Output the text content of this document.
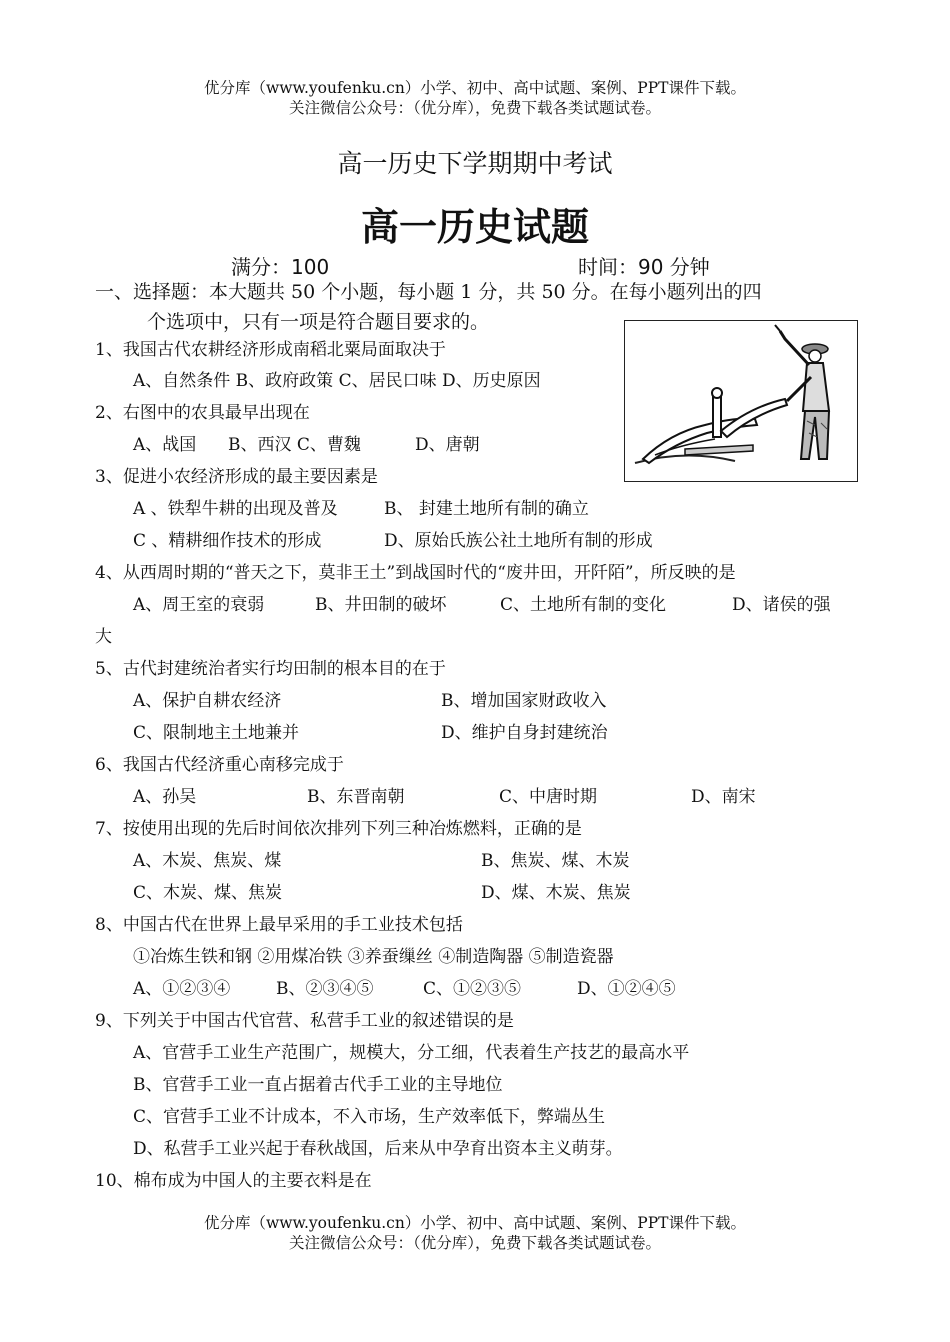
优分库（www.youfenku.cn）小学、初中、高中试题、案例、PPT课件下载。
关注微信公众号：（优分库），免费下载各类试题试卷。
高一历史下学期期中考试
高一历史试题
满分：100	时间：90 分钟
一、选择题：本大题共 50 个小题，每小题 1 分，共 50 分。在每小题列出的四
个选项中，只有一项是符合题目要求的。
1、我国古代农耕经济形成南稻北粟局面取决于
A、自然条件 B、政府政策 C、居民口味 D、历史原因
2、右图中的农具最早出现在
A、战国 B、西汉 C、曹魏	D、唐朝
3、促进小农经济形成的最主要因素是
A 、铁犁牛耕的出现及普及	B、 封建土地所有制的确立
C 、精耕细作技术的形成	D、原始氏族公社土地所有制的形成
4、从西周时期的“普天之下，莫非王土”到战国时代的“废井田，开阡陌”，所反映的是
A、周王室的衰弱	B、井田制的破坏	C、土地所有制的变化	D、诸侯的强
大
5、古代封建统治者实行均田制的根本目的在于
A、保护自耕农经济	B、增加国家财政收入
C、限制地主土地兼并	D、维护自身封建统治
6、我国古代经济重心南移完成于
A、孙吴	B、东晋南朝	C、中唐时期	D、南宋
7、按使用出现的先后时间依次排列下列三种冶炼燃料，正确的是
A、木炭、焦炭、煤	B、焦炭、煤、木炭
C、木炭、煤、焦炭	D、煤、木炭、焦炭
8、中国古代在世界上最早采用的手工业技术包括
①冶炼生铁和钢 ②用煤冶铁 ③养蚕缫丝 ④制造陶器 ⑤制造瓷器
A、①②③④	B、②③④⑤	C、①②③⑤	D、①②④⑤
9、下列关于中国古代官营、私营手工业的叙述错误的是
A、官营手工业生产范围广，规模大，分工细，代表着生产技艺的最高水平
B、官营手工业一直占据着古代手工业的主导地位
C、官营手工业不计成本，不入市场，生产效率低下，弊端丛生
D、私营手工业兴起于春秋战国，后来从中孕育出资本主义萌芽。
10、棉布成为中国人的主要衣料是在
优分库（www.youfenku.cn）小学、初中、高中试题、案例、PPT课件下载。
关注微信公众号：（优分库），免费下载各类试题试卷。
